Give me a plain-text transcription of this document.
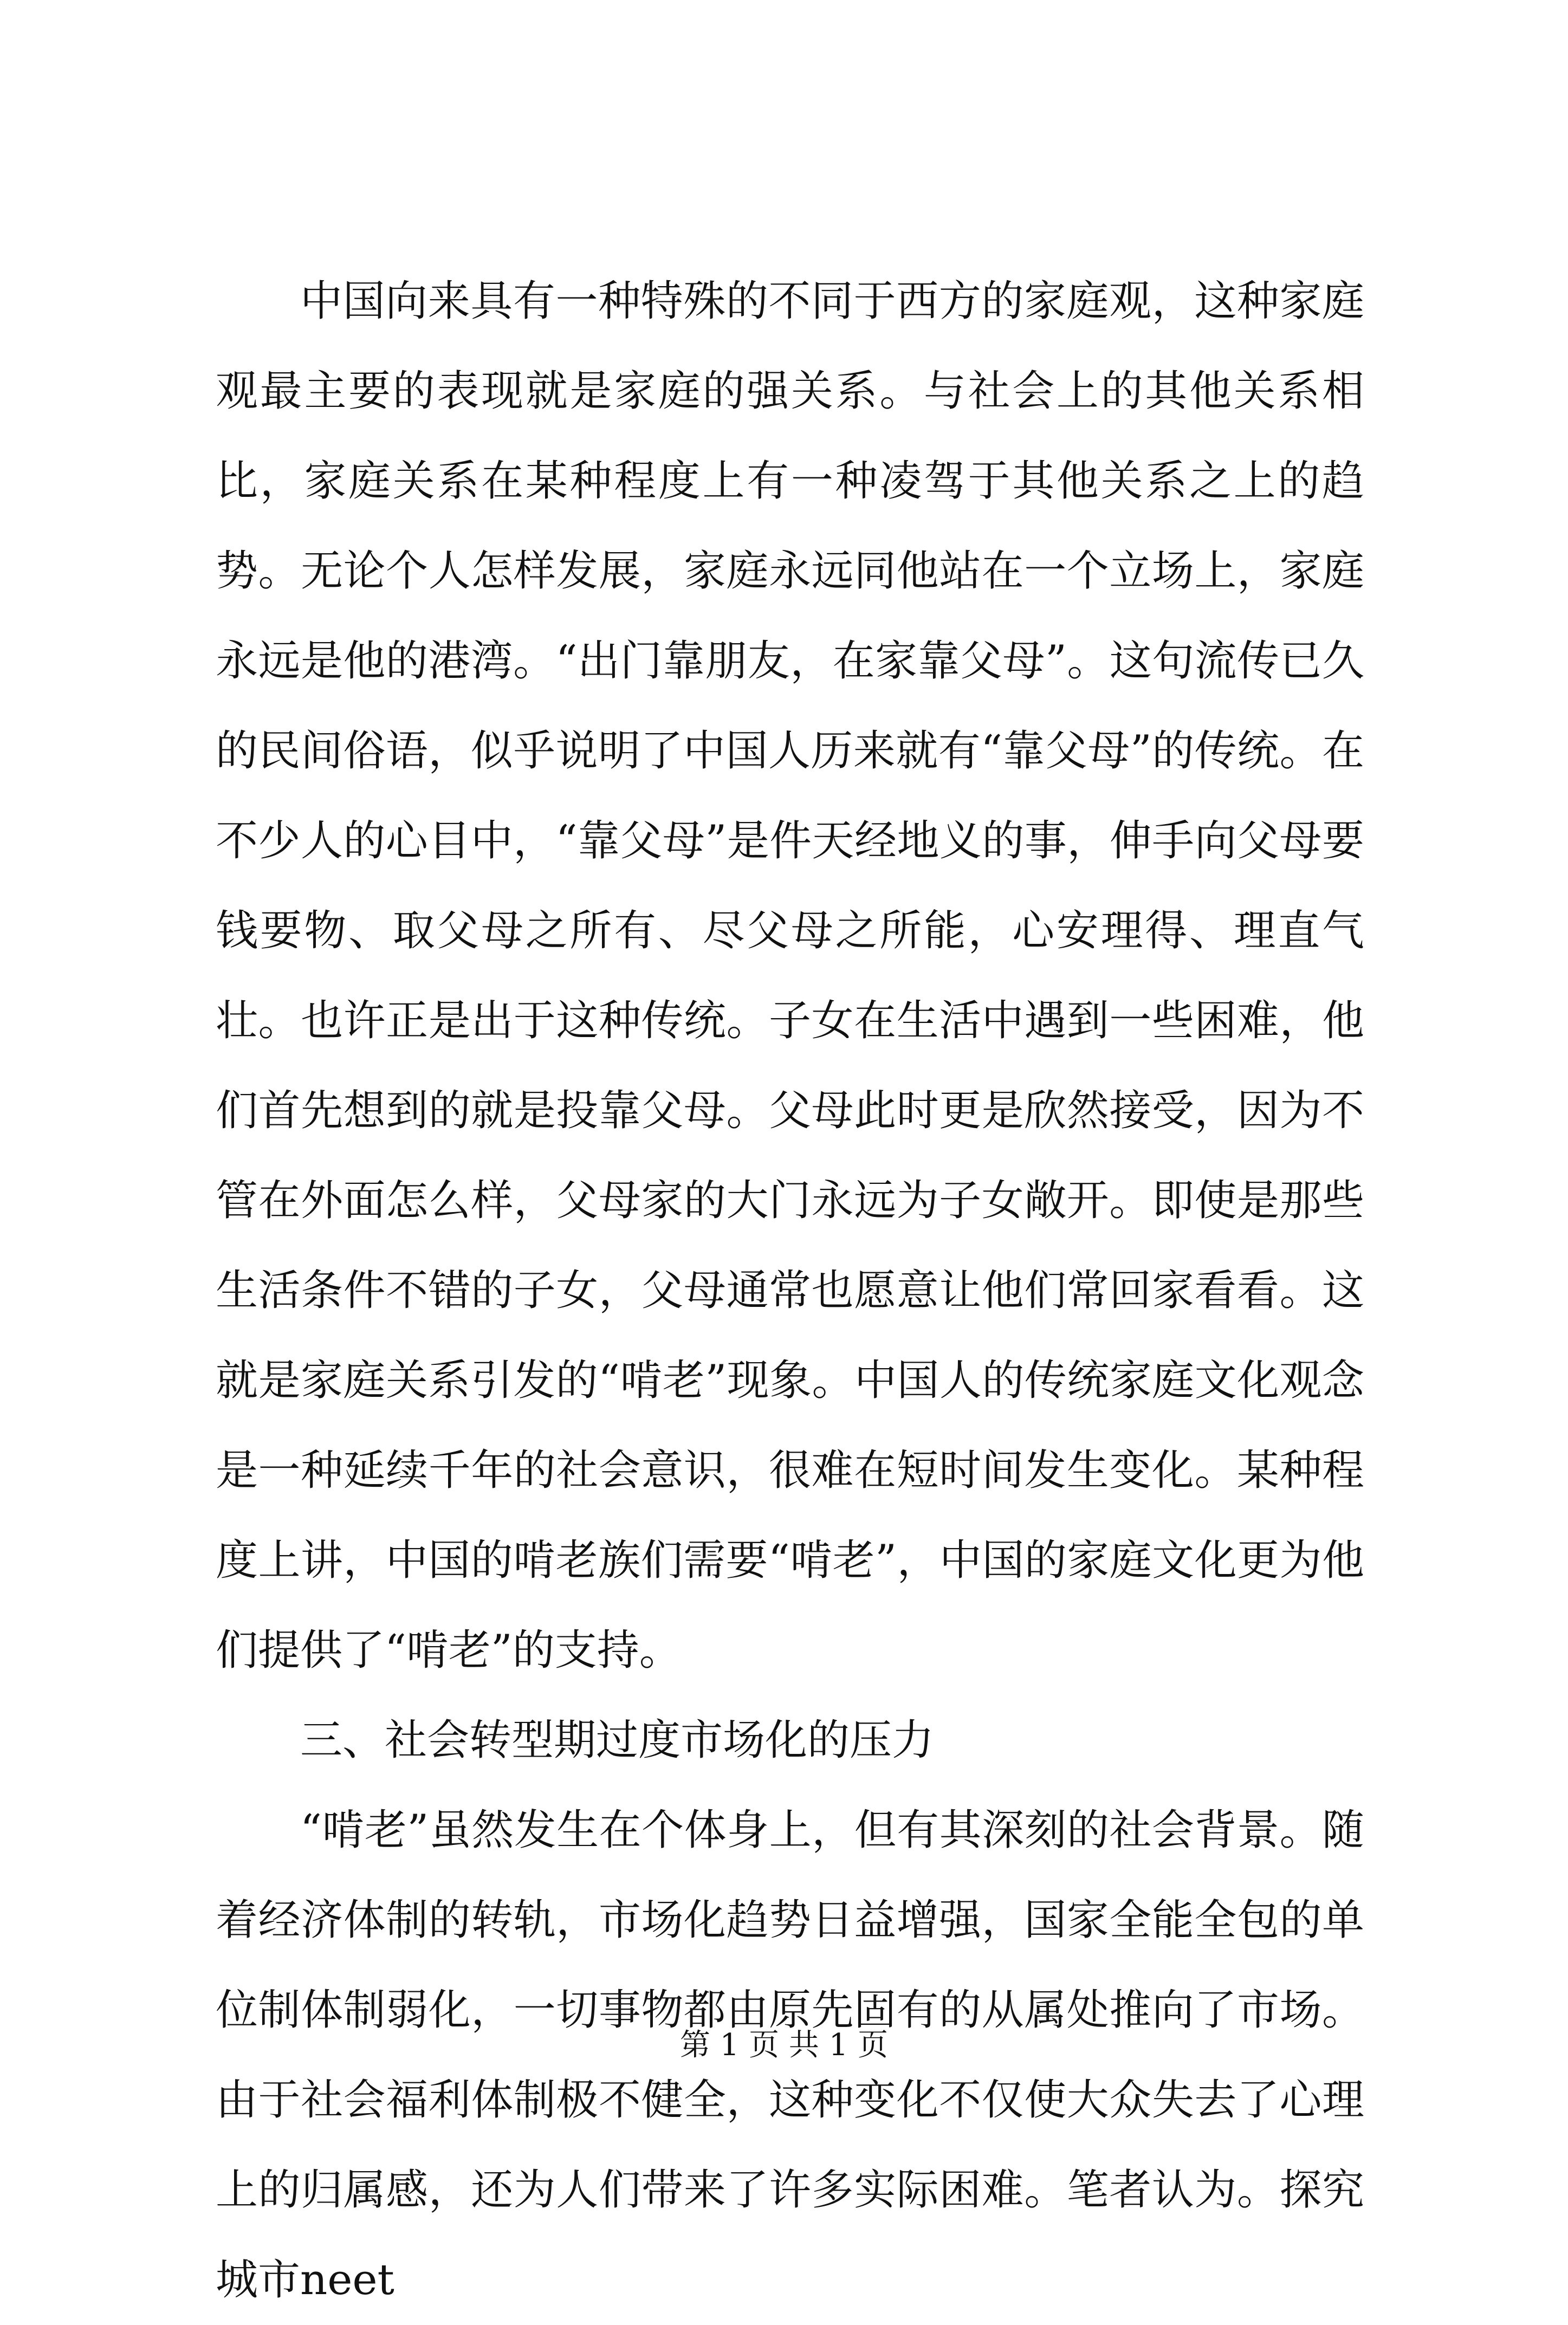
中国向来具有一种特殊的不同于西方的家庭观，这种家庭观最主要的表现就是家庭的强关系。与社会上的其他关系相比，家庭关系在某种程度上有一种凌驾于其他关系之上的趋势。无论个人怎样发展，家庭永远同他站在一个立场上，家庭永远是他的港湾。“出门靠朋友，在家靠父母”。这句流传已久的民间俗语，似乎说明了中国人历来就有“靠父母”的传统。在不少人的心目中，“靠父母”是件天经地义的事，伸手向父母要钱要物、取父母之所有、尽父母之所能，心安理得、理直气壮。也许正是出于这种传统。子女在生活中遇到一些困难，他们首先想到的就是投靠父母。父母此时更是欣然接受，因为不管在外面怎么样，父母家的大门永远为子女敞开。即使是那些生活条件不错的子女，父母通常也愿意让他们常回家看看。这就是家庭关系引发的“啃老”现象。中国人的传统家庭文化观念是一种延续千年的社会意识，很难在短时间发生变化。某种程度上讲，中国的啃老族们需要“啃老”，中国的家庭文化更为他们提供了“啃老”的支持。

三、社会转型期过度市场化的压力

“啃老”虽然发生在个体身上，但有其深刻的社会背景。随着经济体制的转轨，市场化趋势日益增强，国家全能全包的单位制体制弱化，一切事物都由原先固有的从属处推向了市场。由于社会福利体制极不健全，这种变化不仅使大众失去了心理上的归属感，还为人们带来了许多实际困难。笔者认为。探究城市neet

第 1 页 共 1 页
